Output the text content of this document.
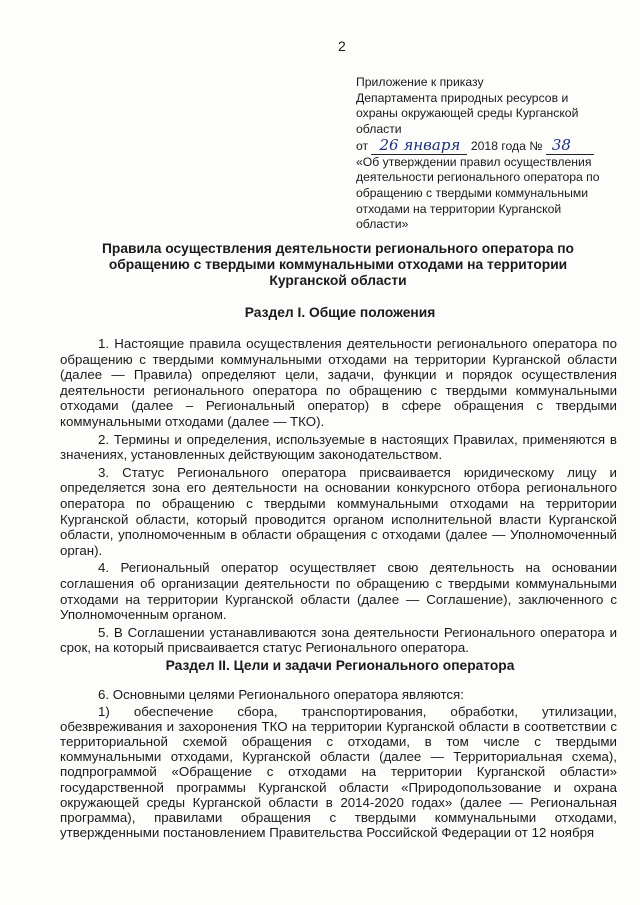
2
Приложение к приказу
Департамента природных ресурсов и
охраны окружающей среды Курганской
области
от 26 января 2018 года № 38
«Об утверждении правил осуществления
деятельности регионального оператора по
обращению с твердыми коммунальными
отходами на территории Курганской
области»
Правила осуществления деятельности регионального оператора по
обращению с твердыми коммунальными отходами на территории
Курганской области
Раздел I. Общие положения

1. Настоящие правила осуществления деятельности регионального оператора по обращению с твердыми коммунальными отходами на территории Курганской области (далее — Правила) определяют цели, задачи, функции и порядок осуществления деятельности регионального оператора по обращению с твердыми коммунальными отходами (далее – Региональный оператор) в сфере обращения с твердыми коммунальными отходами (далее — ТКО).

2. Термины и определения, используемые в настоящих Правилах, применяются в значениях, установленных действующим законодательством.

3. Статус Регионального оператора присваивается юридическому лицу и определяется зона его деятельности на основании конкурсного отбора регионального оператора по обращению с твердыми коммунальными отходами на территории Курганской области, который проводится органом исполнительной власти Курганской области, уполномоченным в области обращения с отходами (далее — Уполномоченный орган).

4. Региональный оператор осуществляет свою деятельность на основании соглашения об организации деятельности по обращению с твердыми коммунальными отходами на территории Курганской области (далее — Соглашение), заключенного с Уполномоченным органом.

5. В Соглашении устанавливаются зона деятельности Регионального оператора и срок, на который присваивается статус Регионального оператора.

Раздел II. Цели и задачи Регионального оператора

6. Основными целями Регионального оператора являются:

1) обеспечение сбора, транспортирования, обработки, утилизации, обезвреживания и захоронения ТКО на территории Курганской области в соответствии с территориальной схемой обращения с отходами, в том числе с твердыми коммунальными отходами, Курганской области (далее — Территориальная схема), подпрограммой «Обращение с отходами на территории Курганской области» государственной программы Курганской области «Природопользование и охрана окружающей среды Курганской области в 2014-2020 годах» (далее — Региональная программа), правилами обращения с твердыми коммунальными отходами, утвержденными постановлением Правительства Российской Федерации от 12 ноября
